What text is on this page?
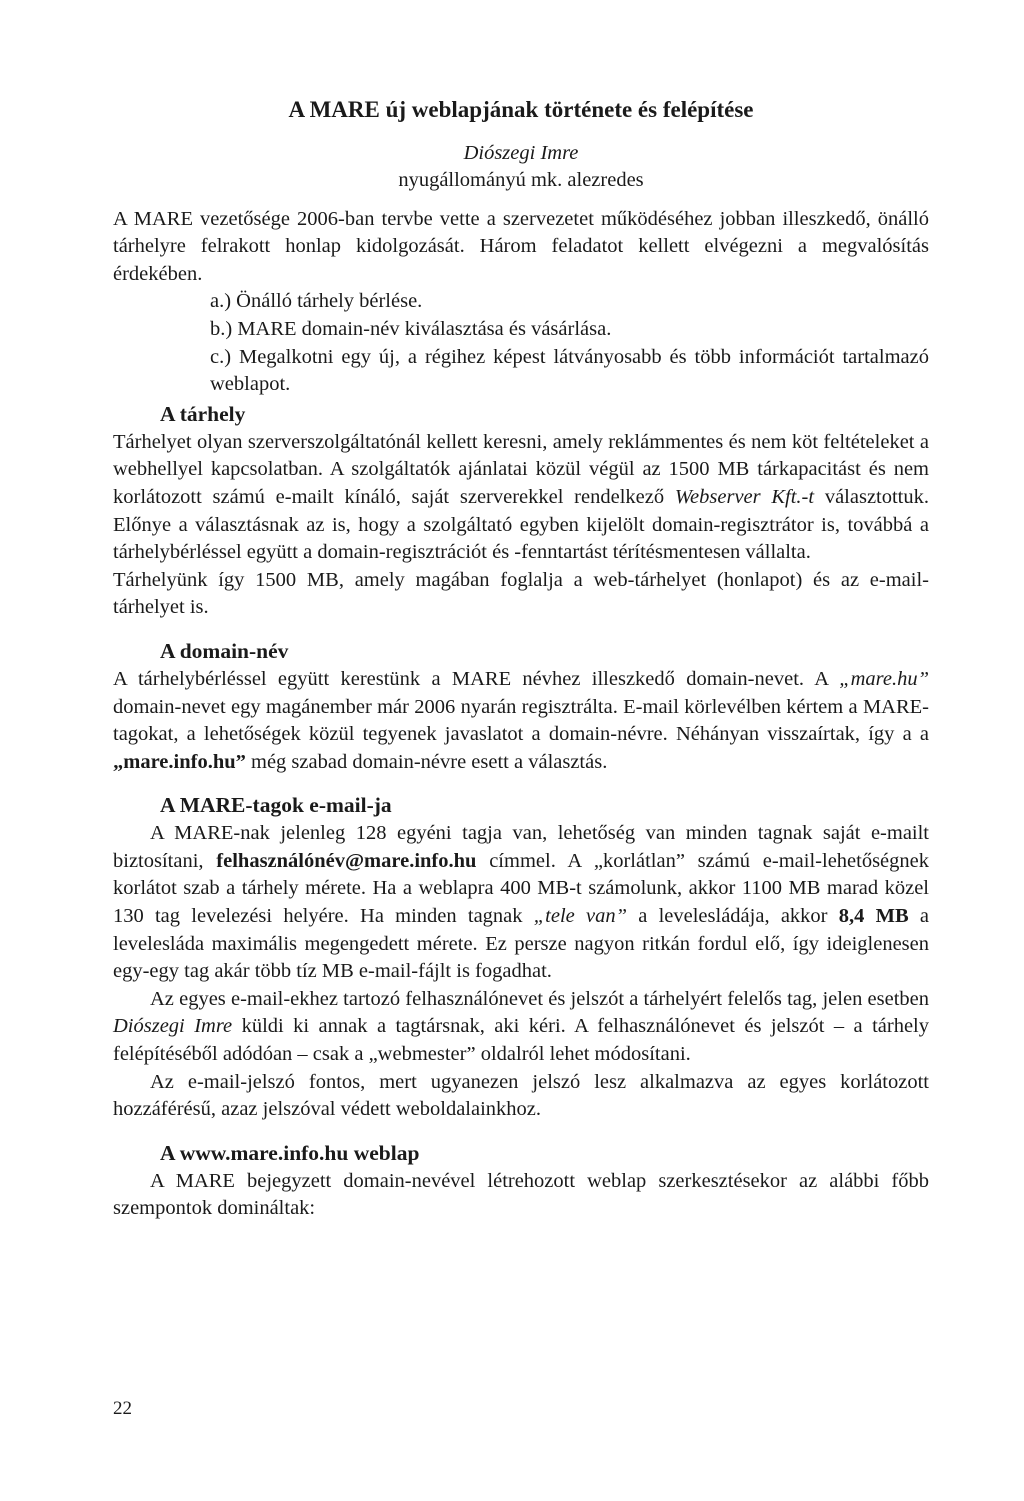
A MARE új weblapjának története és felépítése

Diószegi Imre

nyugállományú mk. alezredes

A MARE vezetősége 2006-ban tervbe vette a szervezetet működéséhez jobban illeszkedő, önálló tárhelyre felrakott honlap kidolgozását. Három feladatot kellett elvégezni a megvalósítás érdekében.

a.) Önálló tárhely bérlése.
b.) MARE domain-név kiválasztása és vásárlása.
c.) Megalkotni egy új, a régihez képest látványosabb és több információt tartalmazó weblapot.
A tárhely

Tárhelyet olyan szerverszolgáltatónál kellett keresni, amely reklámmentes és nem köt feltételeket a webhellyel kapcsolatban. A szolgáltatók ajánlatai közül végül az 1500 MB tárkapacitást és nem korlátozott számú e-mailt kínáló, saját szerverekkel rendelkező Webserver Kft.-t választottuk. Előnye a választásnak az is, hogy a szolgáltató egyben kijelölt domain-regisztrátor is, továbbá a tárhelybérléssel együtt a domain-regisztrációt és -fenntartást térítésmentesen vállalta.

Tárhelyünk így 1500 MB, amely magában foglalja a web-tárhelyet (honlapot) és az e-mail-tárhelyet is.

A domain-név

A tárhelybérléssel együtt kerestünk a MARE névhez illeszkedő domain-nevet. A „mare.hu” domain-nevet egy magánember már 2006 nyarán regisztrálta. E-mail körlevélben kértem a MARE-tagokat, a lehetőségek közül tegyenek javaslatot a domain-névre. Néhányan visszaírtak, így a a „mare.info.hu” még szabad domain-névre esett a választás.

A MARE-tagok e-mail-ja

A MARE-nak jelenleg 128 egyéni tagja van, lehetőség van minden tagnak saját e-mailt biztosítani, felhasználónév@mare.info.hu címmel. A „korlátlan” számú e-mail-lehetőségnek korlátot szab a tárhely mérete. Ha a weblapra 400 MB-t számolunk, akkor 1100 MB marad közel 130 tag levelezési helyére. Ha minden tagnak „tele van” a levelesládája, akkor 8,4 MB a levelesláda maximális megengedett mérete. Ez persze nagyon ritkán fordul elő, így ideiglenesen egy-egy tag akár több tíz MB e-mail-fájlt is fogadhat.

Az egyes e-mail-ekhez tartozó felhasználónevet és jelszót a tárhelyért felelős tag, jelen esetben Diószegi Imre küldi ki annak a tagtársnak, aki kéri. A felhasználónevet és jelszót – a tárhely felépítéséből adódóan – csak a „webmester” oldalról lehet módosítani.

Az e-mail-jelszó fontos, mert ugyanezen jelszó lesz alkalmazva az egyes korlátozott hozzáférésű, azaz jelszóval védett weboldalainkhoz.

A www.mare.info.hu weblap

A MARE bejegyzett domain-nevével létrehozott weblap szerkesztésekor az alábbi főbb szempontok domináltak:

22
